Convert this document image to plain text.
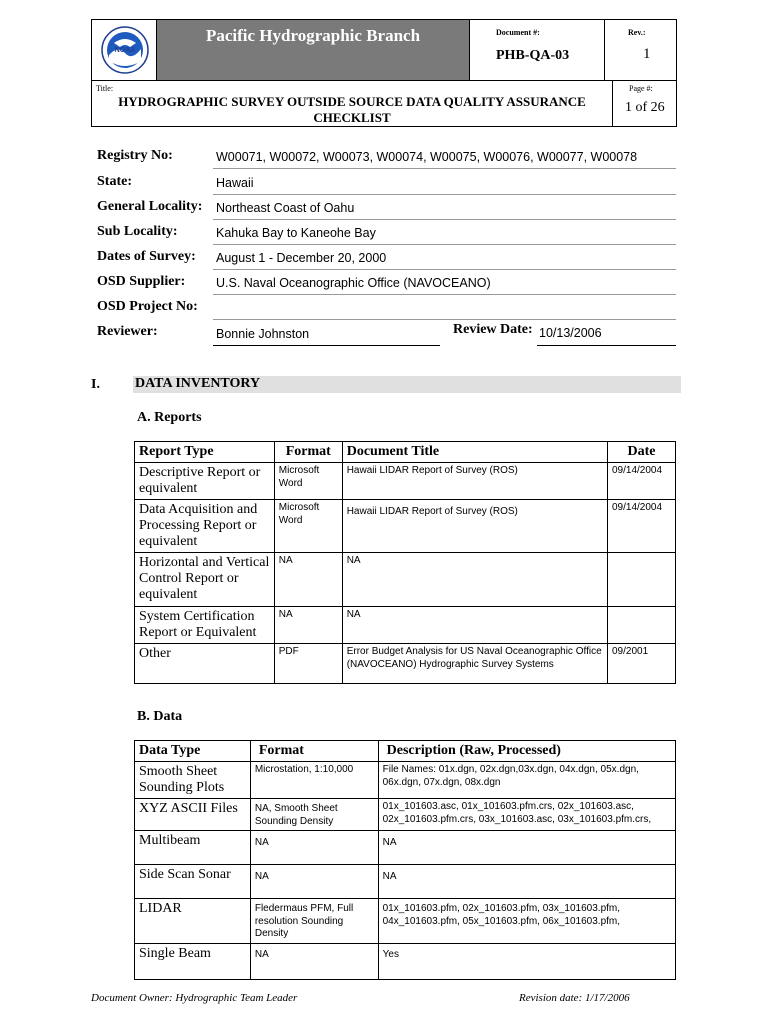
NOAA
Pacific Hydrographic Branch	Document #:
PHB-QA-03
Rev.:
1
Title:
HYDROGRAPHIC SURVEY OUTSIDE SOURCE DATA QUALITY ASSURANCE
CHECKLIST
Page #:
1 of 26
Registry No:	W00071, W00072, W00073, W00074, W00075, W00076, W00077, W00078
State:	Hawaii
General Locality: Northeast Coast of Oahu
Sub Locality:	Kahuka Bay to Kaneohe Bay
Dates of Survey: August 1 - December 20, 2000
OSD Supplier: U.S. Naval Oceanographic Office (NAVOCEANO)
OSD Project No:
Reviewer:	Bonnie Johnston	Review Date: 10/13/2006
I.	DATA INVENTORY
A. Reports
Report Type	Format	Document Title	Date
Descriptive Report or equivalent	Microsoft Word	Hawaii LIDAR Report of Survey (ROS)	09/14/2004
Data Acquisition and Processing Report or equivalent	Microsoft Word	Hawaii LIDAR Report of Survey (ROS)	09/14/2004
Horizontal and Vertical Control Report or equivalent	NA	NA	
System Certification Report or Equivalent	NA	NA	
Other	PDF	Error Budget Analysis for US Naval Oceanographic Office (NAVOCEANO) Hydrographic Survey Systems	09/2001
B. Data
Data Type	Format	Description (Raw, Processed)
Smooth Sheet Sounding Plots	Microstation, 1:10,000	File Names: 01x.dgn, 02x.dgn,03x.dgn, 04x.dgn, 05x.dgn, 06x.dgn, 07x.dgn, 08x.dgn
XYZ ASCII Files	NA, Smooth Sheet Sounding Density	01x_101603.asc, 01x_101603.pfm.crs, 02x_101603.asc, 02x_101603.pfm.crs, 03x_101603.asc, 03x_101603.pfm.crs,
Multibeam	NA	NA
Side Scan Sonar	NA	NA
LIDAR	Fledermaus PFM, Full resolution Sounding Density	01x_101603.pfm, 02x_101603.pfm, 03x_101603.pfm, 04x_101603.pfm, 05x_101603.pfm, 06x_101603.pfm,
Single Beam	NA	Yes
Document Owner: Hydrographic Team Leader	Revision date: 1/17/2006
